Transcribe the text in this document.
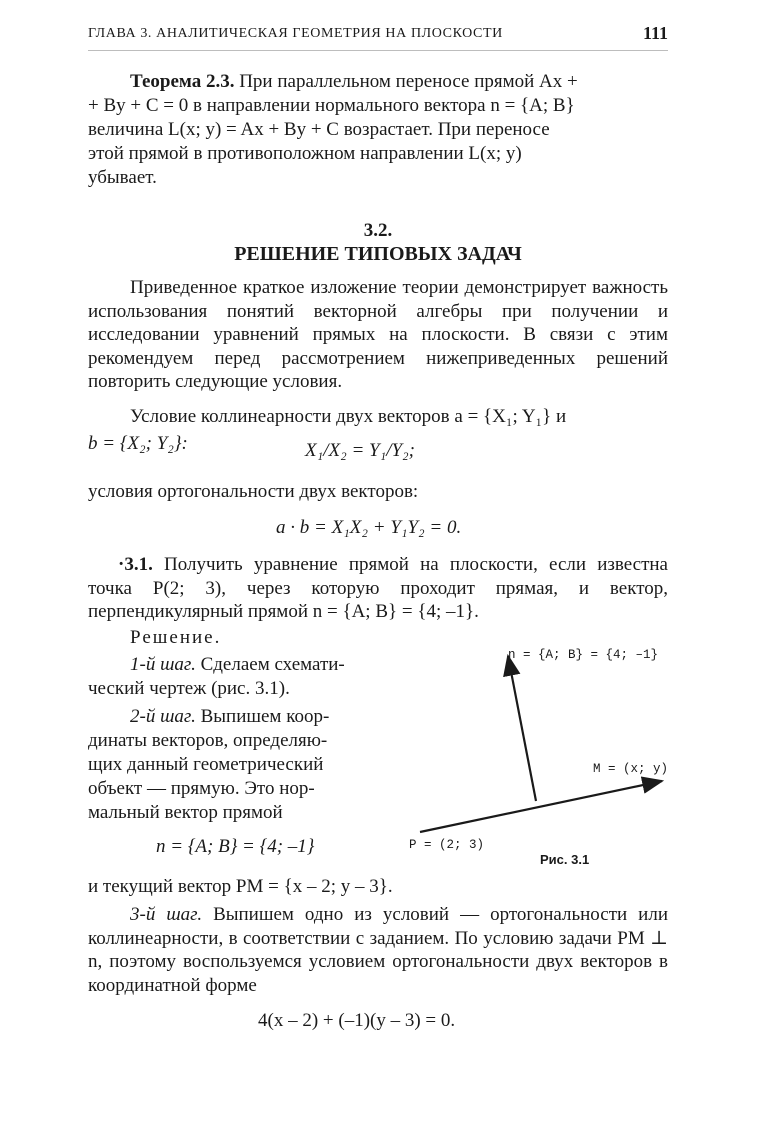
ГЛАВА 3. АНАЛИТИЧЕСКАЯ ГЕОМЕТРИЯ НА ПЛОСКОСТИ	111
Теорема 2.3. При параллельном переносе прямой Ax +
+ By + C = 0 в направлении нормального вектора n = {A; B}
величина L(x; y) = Ax + By + C возрастает. При переносе
этой прямой в противоположном направлении L(x; y)
убывает.
3.2.
РЕШЕНИЕ ТИПОВЫХ ЗАДАЧ
Приведенное краткое изложение теории демонстрирует важность использования понятий векторной алгебры при получении и исследовании уравнений прямых на плоскости. В связи с этим рекомендуем перед рассмотрением нижеприведенных решений повторить следующие условия.
Условие коллинеарности двух векторов a = {X₁; Y₁} и
b = {X₂; Y₂}:	X₁/X₂ = Y₁/Y₂;
условия ортогональности двух векторов:
a · b = X₁X₂ + Y₁Y₂ = 0.
·3.1. Получить уравнение прямой на плоскости, если известна точка P(2; 3), через которую проходит прямая, и вектор, перпендикулярный прямой n = {A; B} = {4; –1}.
Решение.
1-й шаг. Сделаем схемати-
ческий чертеж (рис. 3.1).
2-й шаг. Выпишем коор-
динаты векторов, определяю-
щих данный геометрический
объект — прямую. Это нор-
мальный вектор прямой
n = {A; B} = {4; –1}
и текущий вектор PM = {x – 2; y – 3}.
3-й шаг. Выпишем одно из условий — ортогональности или коллинеарности, в соответствии с заданием. По условию задачи PM ⊥ n, поэтому воспользуемся условием ортогональности двух векторов в координатной форме
4(x – 2) + (–1)(y – 3) = 0.
n = {A; B} = {4; –1}
M = (x; y)
P = (2; 3)
Рис. 3.1
